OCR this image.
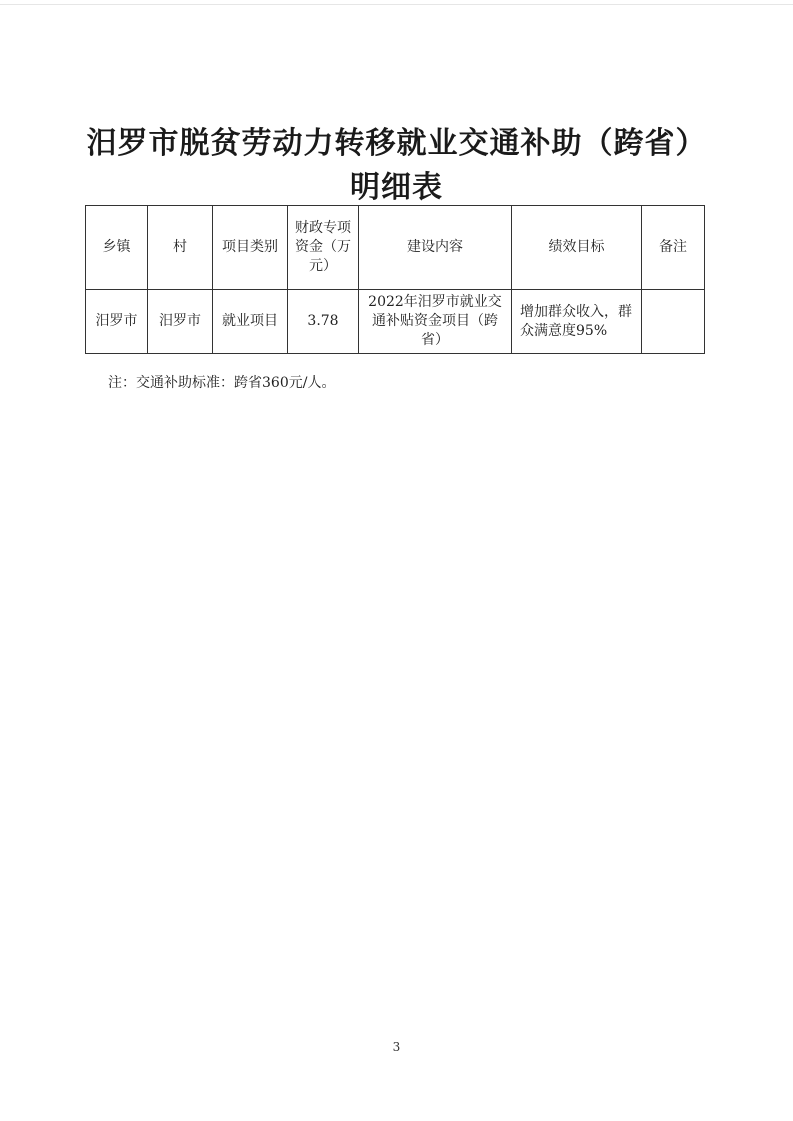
汨罗市脱贫劳动力转移就业交通补助（跨省）
明细表
乡镇	村	项目类别	财政专项资金（万元）	建设内容	绩效目标	备注
汨罗市	汨罗市	就业项目	3.78	2022年汨罗市就业交通补贴资金项目（跨省）	增加群众收入，群众满意度95%	
注：交通补助标准：跨省360元/人。
3
